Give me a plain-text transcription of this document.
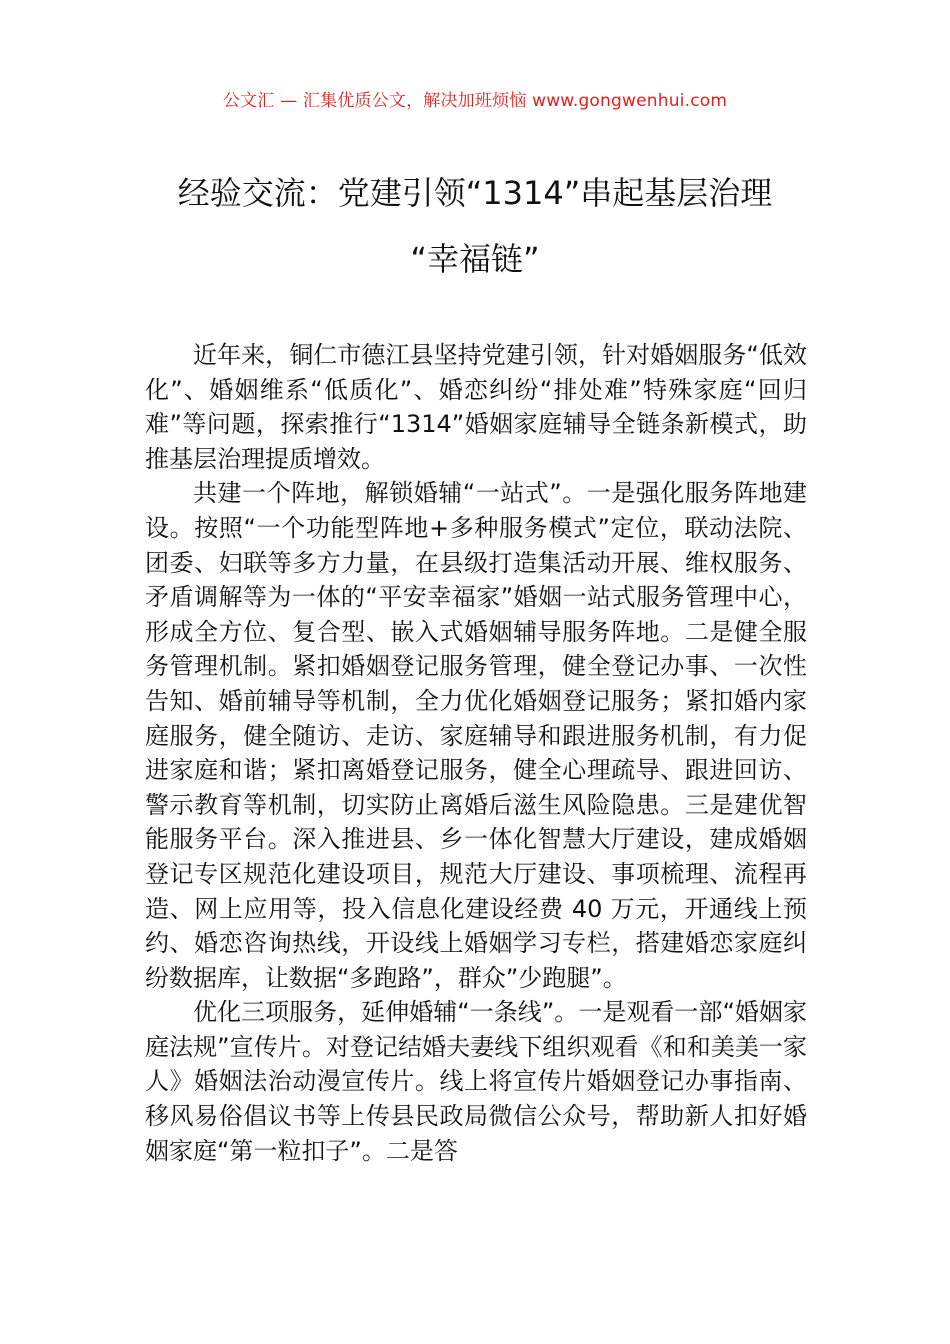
公文汇 — 汇集优质公文，解决加班烦恼 www.gongwenhui.com
经验交流：党建引领“1314”串起基层治理
“幸福链”

近年来，铜仁市德江县坚持党建引领，针对婚姻服务“低效化”、婚姻维系“低质化”、婚恋纠纷“排处难”特殊家庭“回归难”等问题，探索推行“1314”婚姻家庭辅导全链条新模式，助推基层治理提质增效。

共建一个阵地，解锁婚辅“一站式”。一是强化服务阵地建设。按照“一个功能型阵地+多种服务模式”定位，联动法院、团委、妇联等多方力量，在县级打造集活动开展、维权服务、矛盾调解等为一体的“平安幸福家”婚姻一站式服务管理中心，形成全方位、复合型、嵌入式婚姻辅导服务阵地。二是健全服务管理机制。紧扣婚姻登记服务管理，健全登记办事、一次性告知、婚前辅导等机制，全力优化婚姻登记服务；紧扣婚内家庭服务，健全随访、走访、家庭辅导和跟进服务机制，有力促进家庭和谐；紧扣离婚登记服务，健全心理疏导、跟进回访、警示教育等机制，切实防止离婚后滋生风险隐患。三是建优智能服务平台。深入推进县、乡一体化智慧大厅建设，建成婚姻登记专区规范化建设项目，规范大厅建设、事项梳理、流程再造、网上应用等，投入信息化建设经费 40 万元，开通线上预约、婚恋咨询热线，开设线上婚姻学习专栏，搭建婚恋家庭纠纷数据库，让数据“多跑路”，群众”少跑腿”。

优化三项服务，延伸婚辅“一条线”。一是观看一部“婚姻家庭法规”宣传片。对登记结婚夫妻线下组织观看《和和美美一家人》婚姻法治动漫宣传片。线上将宣传片婚姻登记办事指南、移风易俗倡议书等上传县民政局微信公众号，帮助新人扣好婚姻家庭“第一粒扣子”。二是答
